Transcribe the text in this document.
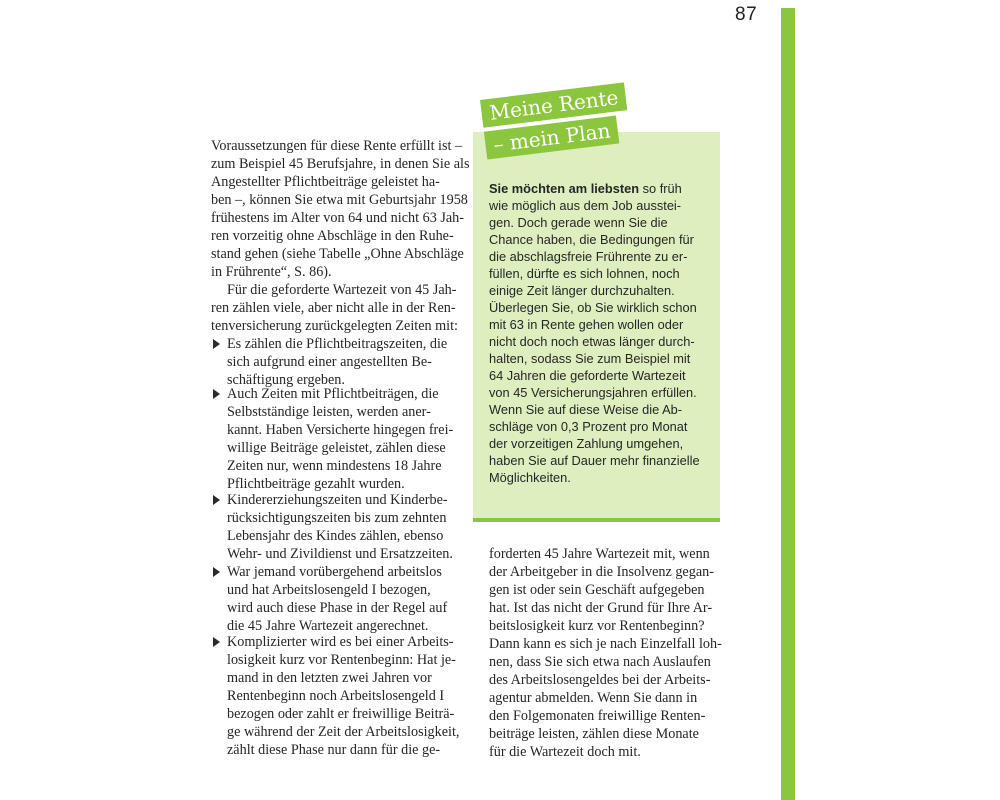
87
Voraussetzungen für diese Rente erfüllt ist –
zum Beispiel 45 Berufsjahre, in denen Sie als
Angestellter Pflichtbeiträge geleistet ha-
ben –, können Sie etwa mit Geburtsjahr 1958
frühestens im Alter von 64 und nicht 63 Jah-
ren vorzeitig ohne Abschläge in den Ruhe-
stand gehen (siehe Tabelle „Ohne Abschläge
in Frührente“, S. 86).
Für die geforderte Wartezeit von 45 Jah-
ren zählen viele, aber nicht alle in der Ren-
tenversicherung zurückgelegten Zeiten mit:
Es zählen die Pflichtbeitragszeiten, die
sich aufgrund einer angestellten Be-
schäftigung ergeben.
Auch Zeiten mit Pflichtbeiträgen, die
Selbstständige leisten, werden aner-
kannt. Haben Versicherte hingegen frei-
willige Beiträge geleistet, zählen diese
Zeiten nur, wenn mindestens 18 Jahre
Pflichtbeiträge gezahlt wurden.
Kindererziehungszeiten und Kinderbe-
rücksichtigungszeiten bis zum zehnten
Lebensjahr des Kindes zählen, ebenso
Wehr- und Zivildienst und Ersatzzeiten.
War jemand vorübergehend arbeitslos
und hat Arbeitslosengeld I bezogen,
wird auch diese Phase in der Regel auf
die 45 Jahre Wartezeit angerechnet.
Komplizierter wird es bei einer Arbeits-
losigkeit kurz vor Rentenbeginn: Hat je-
mand in den letzten zwei Jahren vor
Rentenbeginn noch Arbeitslosengeld I
bezogen oder zahlt er freiwillige Beiträ-
ge während der Zeit der Arbeitslosigkeit,
zählt diese Phase nur dann für die ge-
Sie möchten am liebsten so früh
wie möglich aus dem Job ausstei-
gen. Doch gerade wenn Sie die
Chance haben, die Bedingungen für
die abschlagsfreie Frührente zu er-
füllen, dürfte es sich lohnen, noch
einige Zeit länger durchzuhalten.
Überlegen Sie, ob Sie wirklich schon
mit 63 in Rente gehen wollen oder
nicht doch noch etwas länger durch-
halten, sodass Sie zum Beispiel mit
64 Jahren die geforderte Wartezeit
von 45 Versicherungsjahren erfüllen.
Wenn Sie auf diese Weise die Ab-
schläge von 0,3 Prozent pro Monat
der vorzeitigen Zahlung umgehen,
haben Sie auf Dauer mehr finanzielle
Möglichkeiten.
Meine Rente
– mein Plan
forderten 45 Jahre Wartezeit mit, wenn
der Arbeitgeber in die Insolvenz gegan-
gen ist oder sein Geschäft aufgegeben
hat. Ist das nicht der Grund für Ihre Ar-
beitslosigkeit kurz vor Rentenbeginn?
Dann kann es sich je nach Einzelfall loh-
nen, dass Sie sich etwa nach Auslaufen
des Arbeitslosengeldes bei der Arbeits-
agentur abmelden. Wenn Sie dann in
den Folgemonaten freiwillige Renten-
beiträge leisten, zählen diese Monate
für die Wartezeit doch mit.
